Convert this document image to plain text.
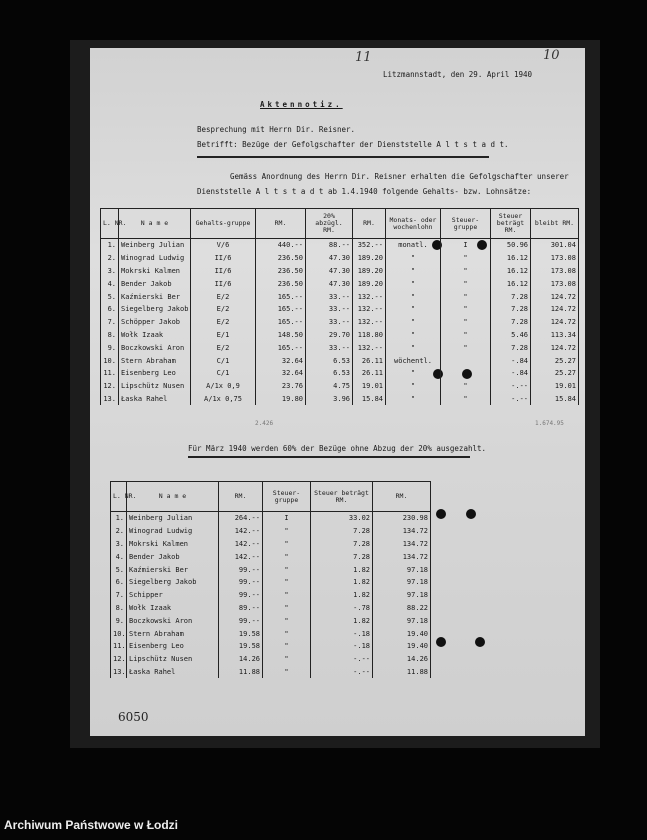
11	10
Litzmannstadt, den 29. April 1940
Aktennotiz.
Besprechung mit Herrn Dir. Reisner.
Betrifft: Bezüge der Gefolgschafter der Dienststelle A l t s t a d t.
Gemäss Anordnung des Herrn Dir. Reisner erhalten die Gefolgschafter unserer
Dienststelle A l t s t a d t ab 1.4.1940 folgende Gehalts- bzw. Lohnsätze:
L. NR.	N a m e	Gehalts-gruppe	RM.	20% abzügl. RM.	RM.	Monats- oder wochenlohn	Steuer-gruppe	Steuer beträgt RM.	bleibt RM.
1.	Weinberg Julian	V/6	440.--	88.--	352.--	monatl.	I	50.96	301.04
2.	Winograd Ludwig	II/6	236.50	47.30	189.20	"	"	16.12	173.08
3.	Mokrski Kalmen	II/6	236.50	47.30	189.20	"	"	16.12	173.08
4.	Bender Jakob	II/6	236.50	47.30	189.20	"	"	16.12	173.08
5.	Kaźmierski Ber	E/2	165.--	33.--	132.--	"	"	7.28	124.72
6.	Siegelberg Jakob	E/2	165.--	33.--	132.--	"	"	7.28	124.72
7.	Schöpper Jakob	E/2	165.--	33.--	132.--	"	"	7.28	124.72
8.	Wołk Izaak	E/1	148.50	29.70	118.80	"	"	5.46	113.34
9.	Boczkowski Aron	E/2	165.--	33.--	132.--	"	"	7.28	124.72
10.	Stern Abraham	C/1	32.64	6.53	26.11	wöchentl.		-.84	25.27
11.	Eisenberg Leo	C/1	32.64	6.53	26.11	"	"	-.84	25.27
12.	Lipschütz Nusen	A/1x 0,9	23.76	4.75	19.01	"	"	-.--	19.01
13.	Łaska Rahel	A/1x 0,75	19.80	3.96	15.84	"	"	-.--	15.84
2.426	1.674.95
Für März 1940 werden 60% der Bezüge ohne Abzug der 20% ausgezahlt.
L. NR.	N a m e	RM.	Steuer-gruppe	Steuer beträgt RM.	RM.
1.	Weinberg Julian	264.--	I	33.02	230.98
2.	Winograd Ludwig	142.--	"	7.28	134.72
3.	Mokrski Kalmen	142.--	"	7.28	134.72
4.	Bender Jakob	142.--	"	7.28	134.72
5.	Kaźmierski Ber	99.--	"	1.82	97.18
6.	Siegelberg Jakob	99.--	"	1.82	97.18
7.	Schipper	99.--	"	1.82	97.18
8.	Wołk Izaak	89.--	"	-.78	88.22
9.	Boczkowski Aron	99.--	"	1.82	97.18
10.	Stern Abraham	19.58	"	-.18	19.40
11.	Eisenberg Leo	19.58	"	-.18	19.40
12.	Lipschütz Nusen	14.26	"	-.--	14.26
13.	Łaska Rahel	11.88	"	-.--	11.88
6050
Archiwum Państwowe w Łodzi
